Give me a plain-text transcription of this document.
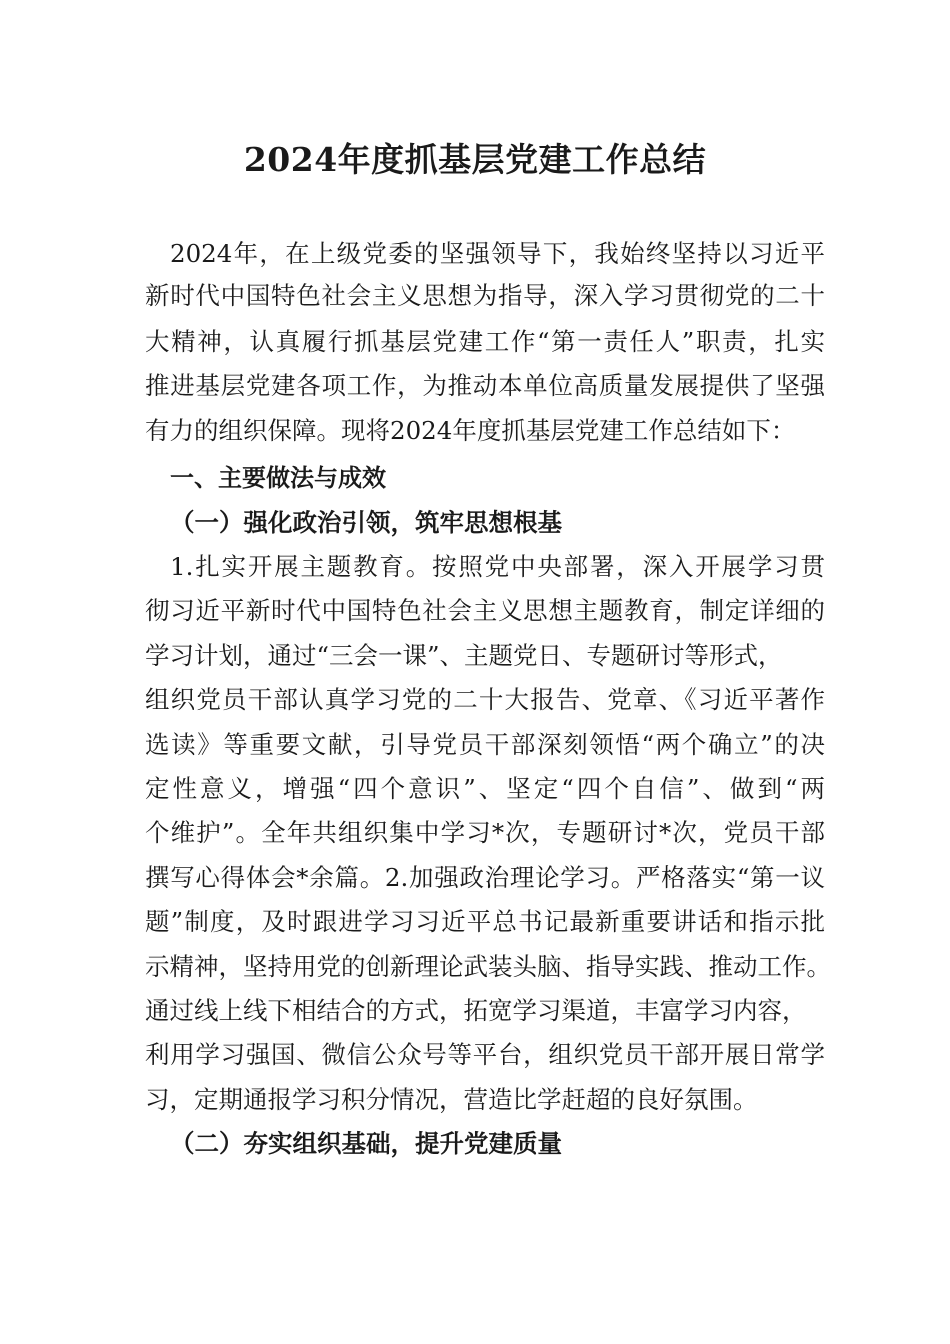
2024年度抓基层党建工作总结
2024年，在上级党委的坚强领导下，我始终坚持以习近平
新时代中国特色社会主义思想为指导，深入学习贯彻党的二十
大精神，认真履行抓基层党建工作“第一责任人”职责，扎实
推进基层党建各项工作，为推动本单位高质量发展提供了坚强
有力的组织保障。现将2024年度抓基层党建工作总结如下：
一、主要做法与成效
（一）强化政治引领，筑牢思想根基
1.扎实开展主题教育。按照党中央部署，深入开展学习贯
彻习近平新时代中国特色社会主义思想主题教育，制定详细的
学习计划，通过“三会一课”、主题党日、专题研讨等形式，
组织党员干部认真学习党的二十大报告、党章、《习近平著作
选读》等重要文献，引导党员干部深刻领悟“两个确立”的决
定性意义，增强“四个意识”、坚定“四个自信”、做到“两
个维护”。全年共组织集中学习*次，专题研讨*次，党员干部
撰写心得体会*余篇。2.加强政治理论学习。严格落实“第一议
题”制度，及时跟进学习习近平总书记最新重要讲话和指示批
示精神，坚持用党的创新理论武装头脑、指导实践、推动工作。
通过线上线下相结合的方式，拓宽学习渠道，丰富学习内容，
利用学习强国、微信公众号等平台，组织党员干部开展日常学
习，定期通报学习积分情况，营造比学赶超的良好氛围。
（二）夯实组织基础，提升党建质量
